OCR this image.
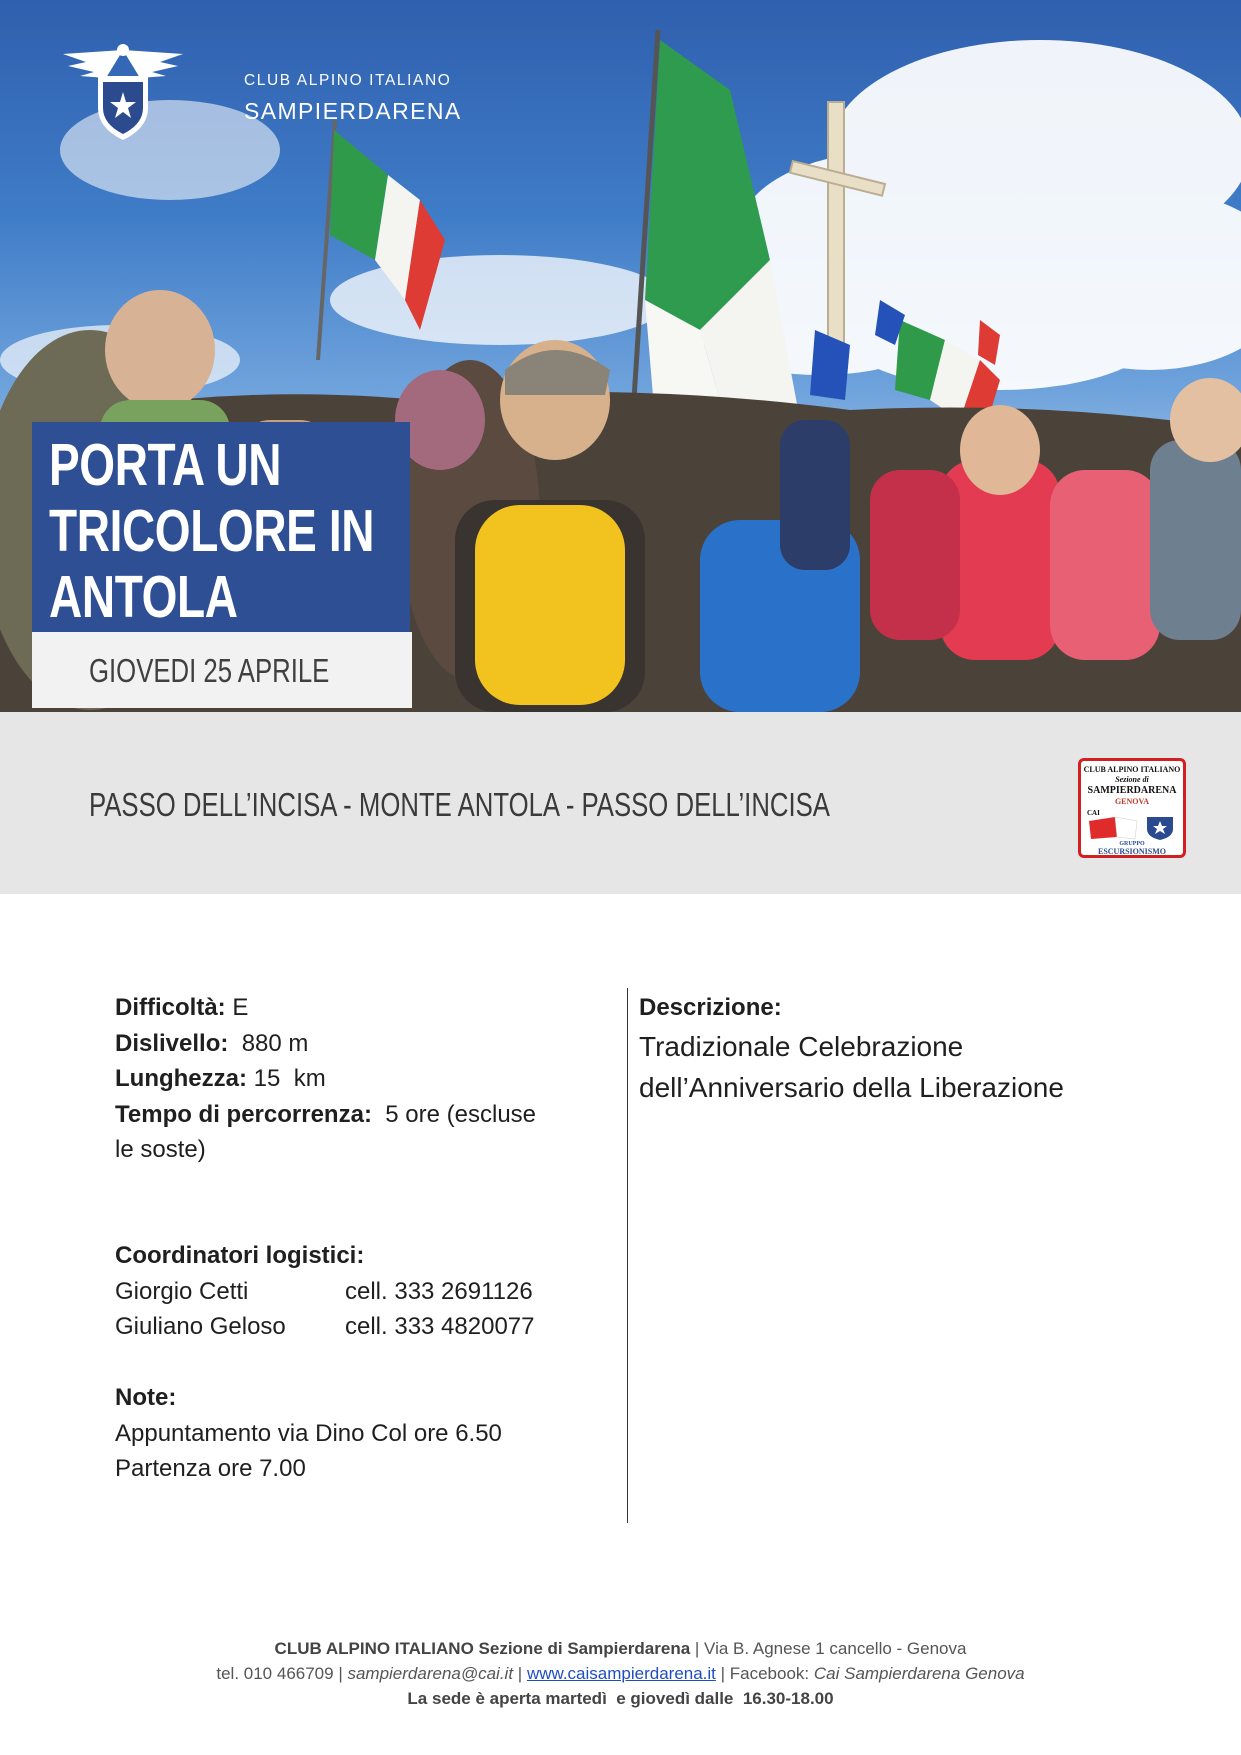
CLUB ALPINO ITALIANO
SAMPIERDARENA
PORTA UN
TRICOLORE IN
ANTOLA
GIOVEDI 25 APRILE
PASSO DELL’INCISA - MONTE ANTOLA - PASSO DELL’INCISA
CLUB ALPINO ITALIANO
Sezione di
SAMPIERDARENA
GENOVA
CAI
GRUPPO
ESCURSIONISMO
Difficoltà: E
Dislivello:  880 m
Lunghezza: 15  km
Tempo di percorrenza:  5 ore (escluse
le soste)
Coordinatori logistici:
Giorgio Cetti	cell. 333 2691126
Giuliano Geloso cell. 333 4820077
Note:
Appuntamento via Dino Col ore 6.50
Partenza ore 7.00
Descrizione:
Tradizionale Celebrazione
dell’Anniversario della Liberazione
CLUB ALPINO ITALIANO Sezione di Sampierdarena | Via B. Agnese 1 cancello - Genova
tel. 010 466709 | sampierdarena@cai.it | www.caisampierdarena.it | Facebook: Cai Sampierdarena Genova
La sede è aperta martedì  e giovedì dalle  16.30-18.00
